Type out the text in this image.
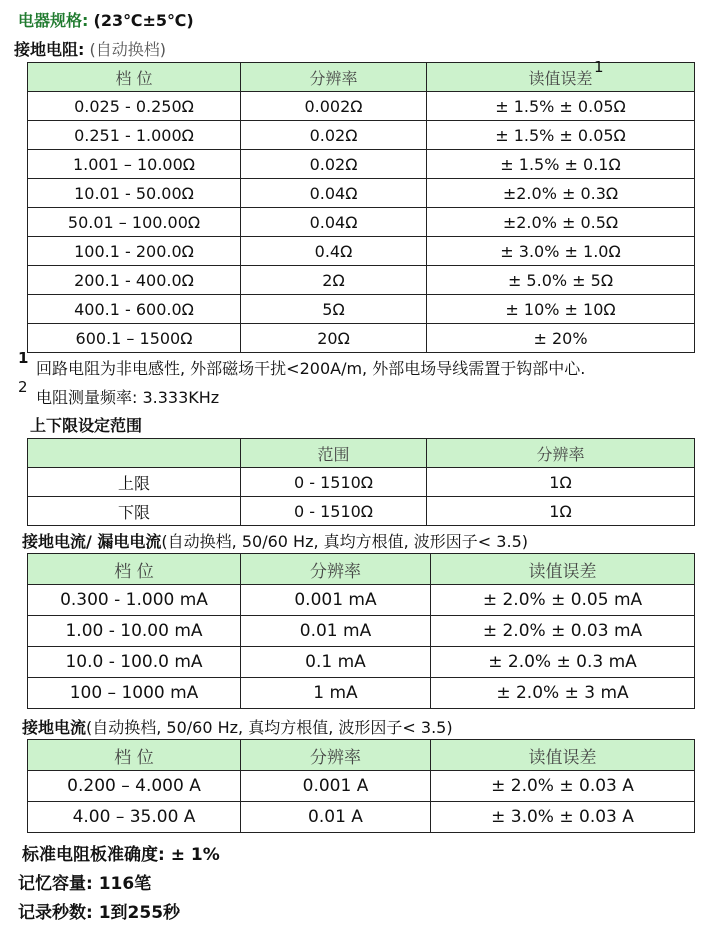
电器规格: (23℃±5℃)
接地电阻: (自动换档)
档 位	分辨率	读值误差
0.025 - 0.250Ω	0.002Ω	± 1.5% ± 0.05Ω
0.251 - 1.000Ω	0.02Ω	± 1.5% ± 0.05Ω
1.001 – 10.00Ω	0.02Ω	± 1.5% ± 0.1Ω
10.01 - 50.00Ω	0.04Ω	±2.0% ± 0.3Ω
50.01 – 100.00Ω	0.04Ω	±2.0% ± 0.5Ω
100.1 - 200.0Ω	0.4Ω	± 3.0% ± 1.0Ω
200.1 - 400.0Ω	2Ω	± 5.0% ± 5Ω
400.1 - 600.0Ω	5Ω	± 10% ± 10Ω
600.1 – 1500Ω	20Ω	± 20%
1
1
回路电阻为非电感性, 外部磁场干扰<200A/m, 外部电场导线需置于钩部中心.
2
电阻测量频率: 3.333KHz
上下限设定范围
	范围	分辨率
上限	0 - 1510Ω	1Ω
下限	0 - 1510Ω	1Ω
接地电流/ 漏电电流(自动换档, 50/60 Hz, 真均方根值, 波形因子< 3.5)
档 位	分辨率	读值误差
0.300 - 1.000 mA	0.001 mA	± 2.0% ± 0.05 mA
1.00 - 10.00 mA	0.01 mA	± 2.0% ± 0.03 mA
10.0 - 100.0 mA	0.1 mA	± 2.0% ± 0.3 mA
100 – 1000 mA	1 mA	± 2.0% ± 3 mA
接地电流(自动换档, 50/60 Hz, 真均方根值, 波形因子< 3.5)
档 位	分辨率	读值误差
0.200 – 4.000 A	0.001 A	± 2.0% ± 0.03 A
4.00 – 35.00 A	0.01 A	± 3.0% ± 0.03 A
标准电阻板准确度: ± 1%
记忆容量: 116笔
记录秒数: 1到255秒
